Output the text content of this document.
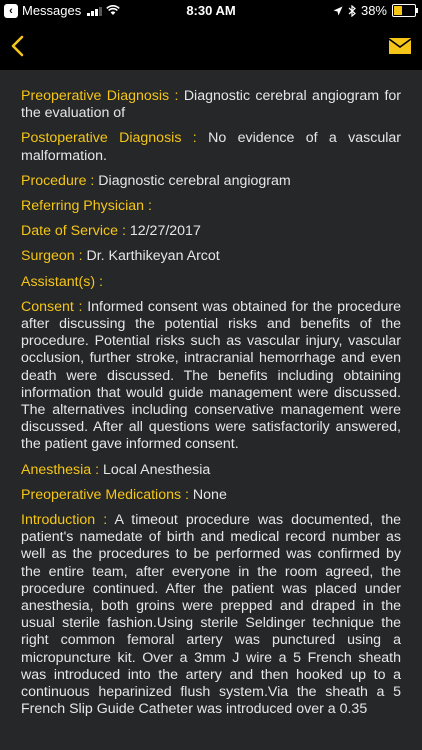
‹ Messages	8:30 AM	38%
Preoperative Diagnosis : Diagnostic cerebral angiogram for the evaluation of
Postoperative Diagnosis : No evidence of a vascular malformation.
Procedure : Diagnostic cerebral angiogram
Referring Physician :
Date of Service : 12/27/2017
Surgeon : Dr. Karthikeyan Arcot
Assistant(s) :
Consent : Informed consent was obtained for the procedure after discussing the potential risks and benefits of the procedure. Potential risks such as vascular injury, vascular occlusion, further stroke, intracranial hemorrhage and even death were discussed. The benefits including obtaining information that would guide management were discussed. The alternatives including conservative management were discussed. After all questions were satisfactorily answered, the patient gave informed consent.
Anesthesia : Local Anesthesia
Preoperative Medications : None
Introduction : A timeout procedure was documented, the patient's namedate of birth and medical record number as well as the procedures to be performed was confirmed by the entire team, after everyone in the room agreed, the procedure continued. After the patient was placed under anesthesia, both groins were prepped and draped in the usual sterile fashion.Using sterile Seldinger technique the right common femoral artery was punctured using a micropuncture kit. Over a 3mm J wire a 5 French sheath was introduced into the artery and then hooked up to a continuous heparinized flush system.Via the sheath a 5 French Slip Guide Catheter was introduced over a 0.35
